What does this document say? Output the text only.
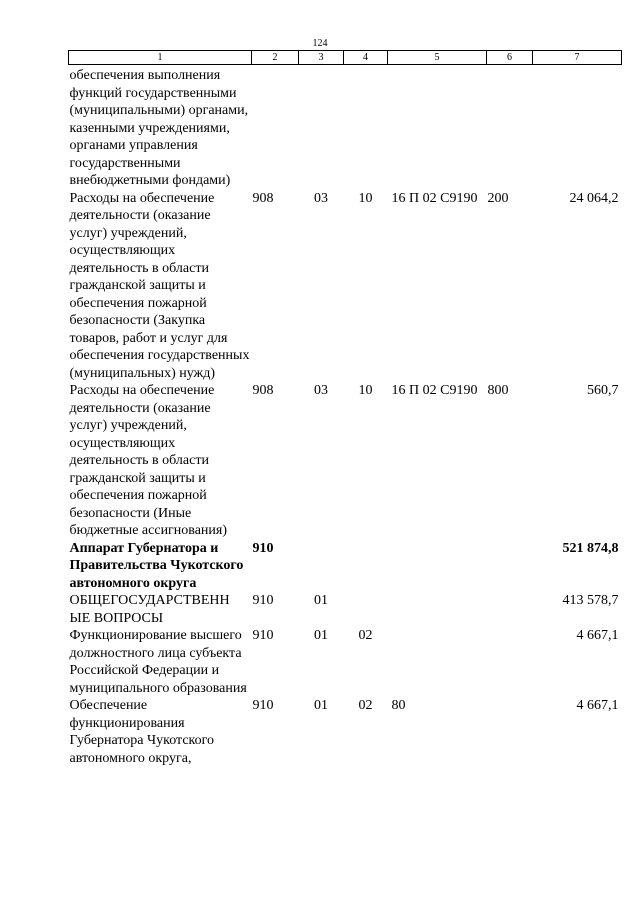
124
1	2	3	4	5	6	7
обеспечения выполнения функций государственными (муниципальными) органами, казенными учреждениями, органами управления государственными внебюджетными фондами)						
Расходы на обеспечение деятельности (оказание услуг) учреждений, осуществляющих деятельность в области гражданской защиты и обеспечения пожарной безопасности (Закупка товаров, работ и услуг для обеспечения государственных (муниципальных) нужд)	908	03	10	16 П 02 С9190	200	24 064,2
Расходы на обеспечение деятельности (оказание услуг) учреждений, осуществляющих деятельность в области гражданской защиты и обеспечения пожарной безопасности (Иные бюджетные ассигнования)	908	03	10	16 П 02 С9190	800	560,7
Аппарат Губернатора и Правительства Чукотского автономного округа	910					521 874,8
ОБЩЕГОСУДАРСТВЕНН ЫЕ ВОПРОСЫ	910	01				413 578,7
Функционирование высшего должностного лица субъекта Российской Федерации и муниципального образования	910	01	02			4 667,1
Обеспечение функционирования Губернатора Чукотского автономного округа,	910	01	02	80		4 667,1
